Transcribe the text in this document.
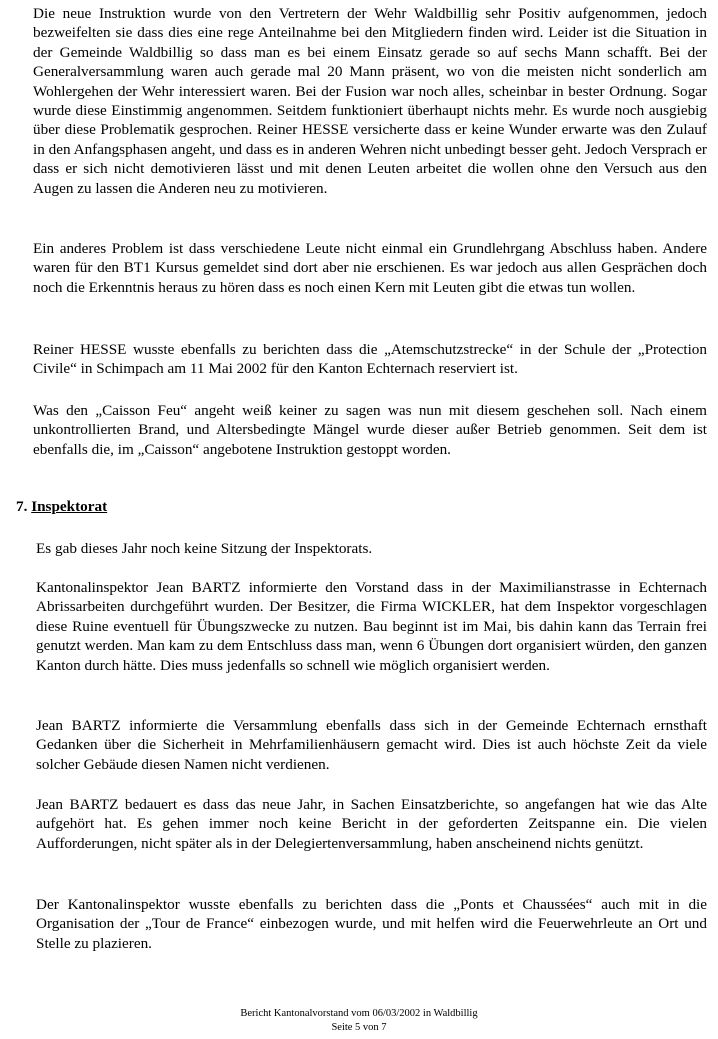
Die neue Instruktion wurde von den Vertretern der Wehr Waldbillig sehr Positiv aufgenommen, jedoch bezweifelten sie dass dies eine rege Anteilnahme bei den Mitgliedern finden wird. Leider ist die Situation in der Gemeinde Waldbillig so dass man es bei einem Einsatz gerade so auf sechs Mann schafft. Bei der Generalversammlung waren auch gerade mal 20 Mann präsent, wo von die meisten nicht sonderlich am Wohlergehen der Wehr interessiert waren. Bei der Fusion war noch alles, scheinbar in bester Ordnung. Sogar wurde diese Einstimmig angenommen. Seitdem funktioniert überhaupt nichts mehr. Es wurde noch ausgiebig über diese Problematik gesprochen. Reiner HESSE versicherte dass er keine Wunder erwarte was den Zulauf in den Anfangsphasen angeht, und dass es in anderen Wehren nicht unbedingt besser geht. Jedoch Versprach er dass er sich nicht demotivieren lässt und mit denen Leuten arbeitet die wollen ohne den Versuch aus den Augen zu lassen die Anderen neu zu motivieren.

Ein anderes Problem ist dass verschiedene Leute nicht einmal ein Grundlehrgang Abschluss haben. Andere waren für den BT1 Kursus gemeldet sind dort aber nie erschienen. Es war jedoch aus allen Gesprächen doch noch die Erkenntnis heraus zu hören dass es noch einen Kern mit Leuten gibt die etwas tun wollen.

Reiner HESSE wusste ebenfalls zu berichten dass die „Atemschutzstrecke“ in der Schule der „Protection Civile“ in Schimpach am 11 Mai 2002 für den Kanton Echternach reserviert ist.

Was den „Caisson Feu“ angeht weiß keiner zu sagen was nun mit diesem geschehen soll. Nach einem unkontrollierten Brand, und Altersbedingte Mängel wurde dieser außer Betrieb genommen. Seit dem ist ebenfalls die, im „Caisson“ angebotene Instruktion gestoppt worden.

7. Inspektorat

Es gab dieses Jahr noch keine Sitzung der Inspektorats.

Kantonalinspektor Jean BARTZ informierte den Vorstand dass in der Maximilianstrasse in Echternach Abrissarbeiten durchgeführt wurden. Der Besitzer, die Firma WICKLER, hat dem Inspektor vorgeschlagen diese Ruine eventuell für Übungszwecke zu nutzen. Bau beginnt ist im Mai, bis dahin kann das Terrain frei genutzt werden. Man kam zu dem Entschluss dass man, wenn 6 Übungen dort organisiert würden, den ganzen Kanton durch hätte. Dies muss jedenfalls so schnell wie möglich organisiert werden.

Jean BARTZ informierte die Versammlung ebenfalls dass sich in der Gemeinde Echternach ernsthaft Gedanken über die Sicherheit in Mehrfamilienhäusern gemacht wird. Dies ist auch höchste Zeit da viele solcher Gebäude diesen Namen nicht verdienen.

Jean BARTZ bedauert es dass das neue Jahr, in Sachen Einsatzberichte, so angefangen hat wie das Alte aufgehört hat. Es gehen immer noch keine Bericht in der geforderten Zeitspanne ein. Die vielen Aufforderungen, nicht später als in der Delegiertenversammlung, haben anscheinend nichts genützt.

Der Kantonalinspektor wusste ebenfalls zu berichten dass die „Ponts et Chaussées“ auch mit in die Organisation der „Tour de France“ einbezogen wurde, und mit helfen wird die Feuerwehrleute an Ort und Stelle zu plazieren.

Bericht Kantonalvorstand vom 06/03/2002 in Waldbillig
Seite 5 von 7
